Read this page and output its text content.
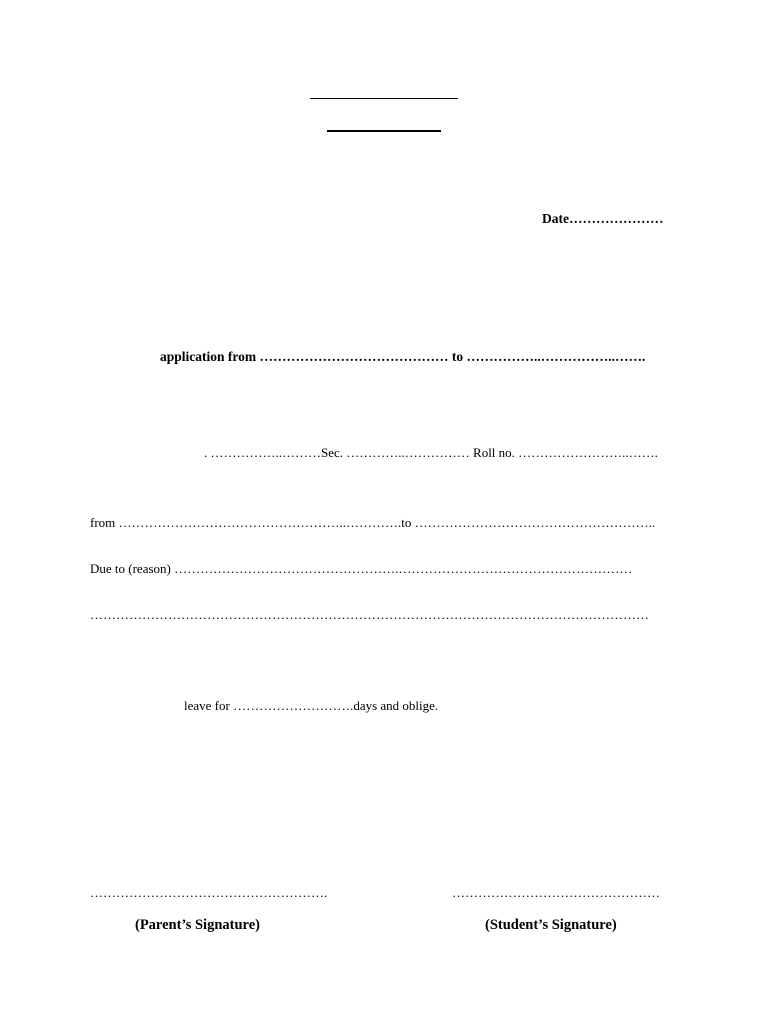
Date…………………
application from …………………………………… to ……………..……………..…….
. ……………..………Sec. …………..…………… Roll no. ……………………..…….
from ……………………………………………..………….to ………………………………………………..
Due to (reason) …………………………………………….………………………………………………
…………………………………………………………………………………………………………………
leave for ……………………….days and oblige.
……………………………………………….	…………………………………………
(Parent’s Signature)	(Student’s Signature)
